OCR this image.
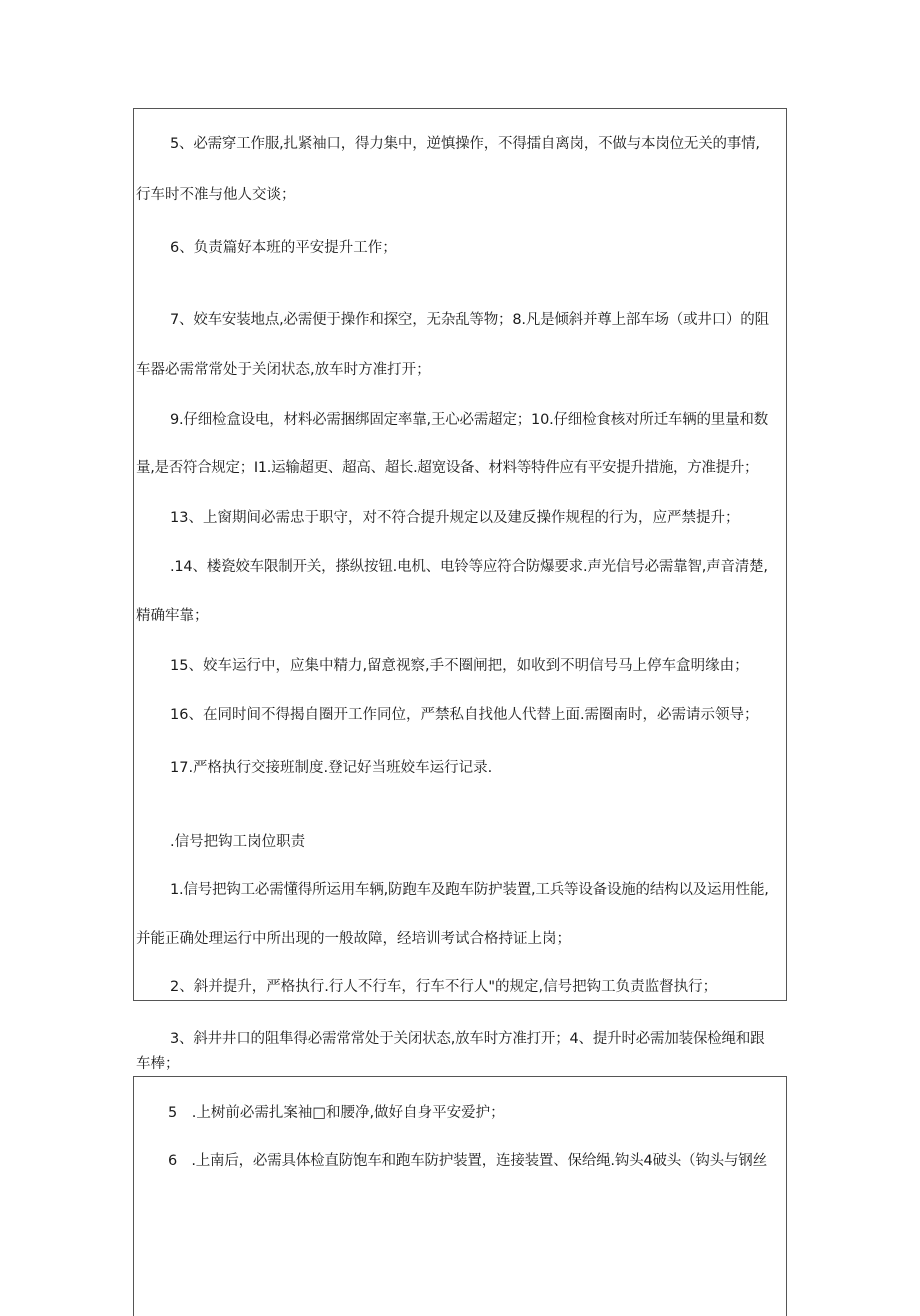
5、必需穿工作服,扎紧袖口，得力集中，逆慎操作，不得擂自离岗，不做与本岗位无关的事情,
行车时不准与他人交谈；
6、负责篇好本班的平安提升工作；
7、姣车安装地点,必需便于操作和探空，无杂乱等物；8.凡是倾斜并尊上部车场（或井口）的阻
车器必需常常处于关闭状态,放车时方准打开；
9.仔细检盒设电，材料必需捆绑固定率靠,王心必需超定；10.仔细检食核对所迁车辆的里量和数
量,是否符合规定；I1.运输超更、超高、超长.超宽设备、材料等特件应有平安提升措施，方准提升；
13、上窗期间必需忠于职守，对不符合提升规定以及建反操作规程的行为，应严禁提升；
.14、楼瓷姣车限制开关，搽纵按钮.电机、电铃等应符合防爆要求.声光信号必需靠智,声音清楚,
精确牢靠；
15、姣车运行中，应集中精力,留意视察,手不圈闸把，如收到不明信号马上停车盒明缘由；
16、在同时间不得揭自圈开工作同位，严禁私自找他人代替上面.需圈南时，必需请示领导；
17.严格执行交接班制度.登记好当班姣车运行记录.
.信号把钩工岗位职责
1.信号把钩工必需懂得所运用车辆,防跑车及跑车防护装置,工兵等设备设施的结构以及运用性能,
并能正确处理运行中所出现的一般故障，经培训考试合格持证上岗；
2、斜并提升，严格执行.行人不行车，行车不行人"的规定,信号把钩工负责监督执行；
3、斜井井口的阻隼得必需常常处于关闭状态,放车时方准打开；4、提升时必需加装保检绳和跟
车棒；
5　.上树前必需扎案袖□和腰净,做好自身平安爱护；
6　.上南后，必需具体检直防饱车和跑车防护装置，连接装置、保给绳.钩头4破头（钩头与钢丝
